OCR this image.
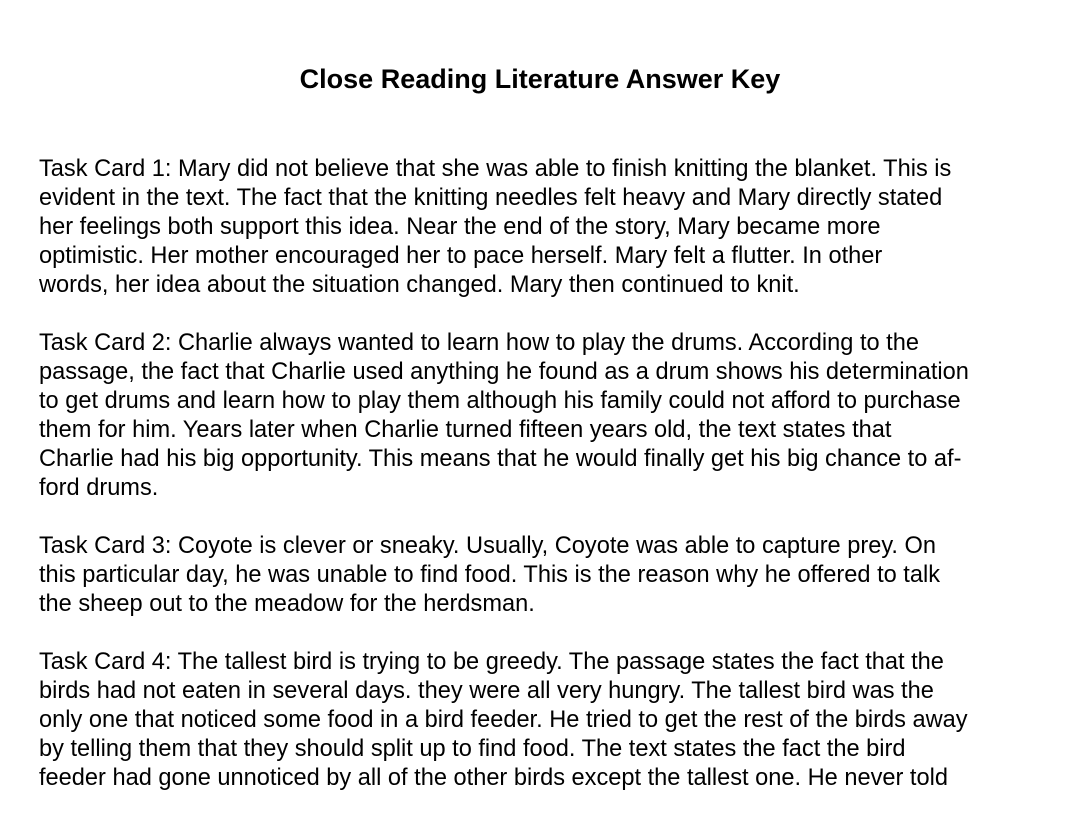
Close Reading Literature Answer Key

Task Card 1: Mary did not believe that she was able to finish knitting the blanket. This is
evident in the text. The fact that the knitting needles felt heavy and Mary directly stated
her feelings both support this idea. Near the end of the story, Mary became more
optimistic. Her mother encouraged her to pace herself. Mary felt a flutter. In other
words, her idea about the situation changed. Mary then continued to knit.

Task Card 2: Charlie always wanted to learn how to play the drums. According to the
passage, the fact that Charlie used anything he found as a drum shows his determination
to get drums and learn how to play them although his family could not afford to purchase
them for him. Years later when Charlie turned fifteen years old, the text states that
Charlie had his big opportunity. This means that he would finally get his big chance to af-
ford drums.

Task Card 3: Coyote is clever or sneaky. Usually, Coyote was able to capture prey. On
this particular day, he was unable to find food. This is the reason why he offered to talk
the sheep out to the meadow for the herdsman.

Task Card 4: The tallest bird is trying to be greedy. The passage states the fact that the
birds had not eaten in several days. they were all very hungry. The tallest bird was the
only one that noticed some food in a bird feeder. He tried to get the rest of the birds away
by telling them that they should split up to find food. The text states the fact the bird
feeder had gone unnoticed by all of the other birds except the tallest one. He never told
